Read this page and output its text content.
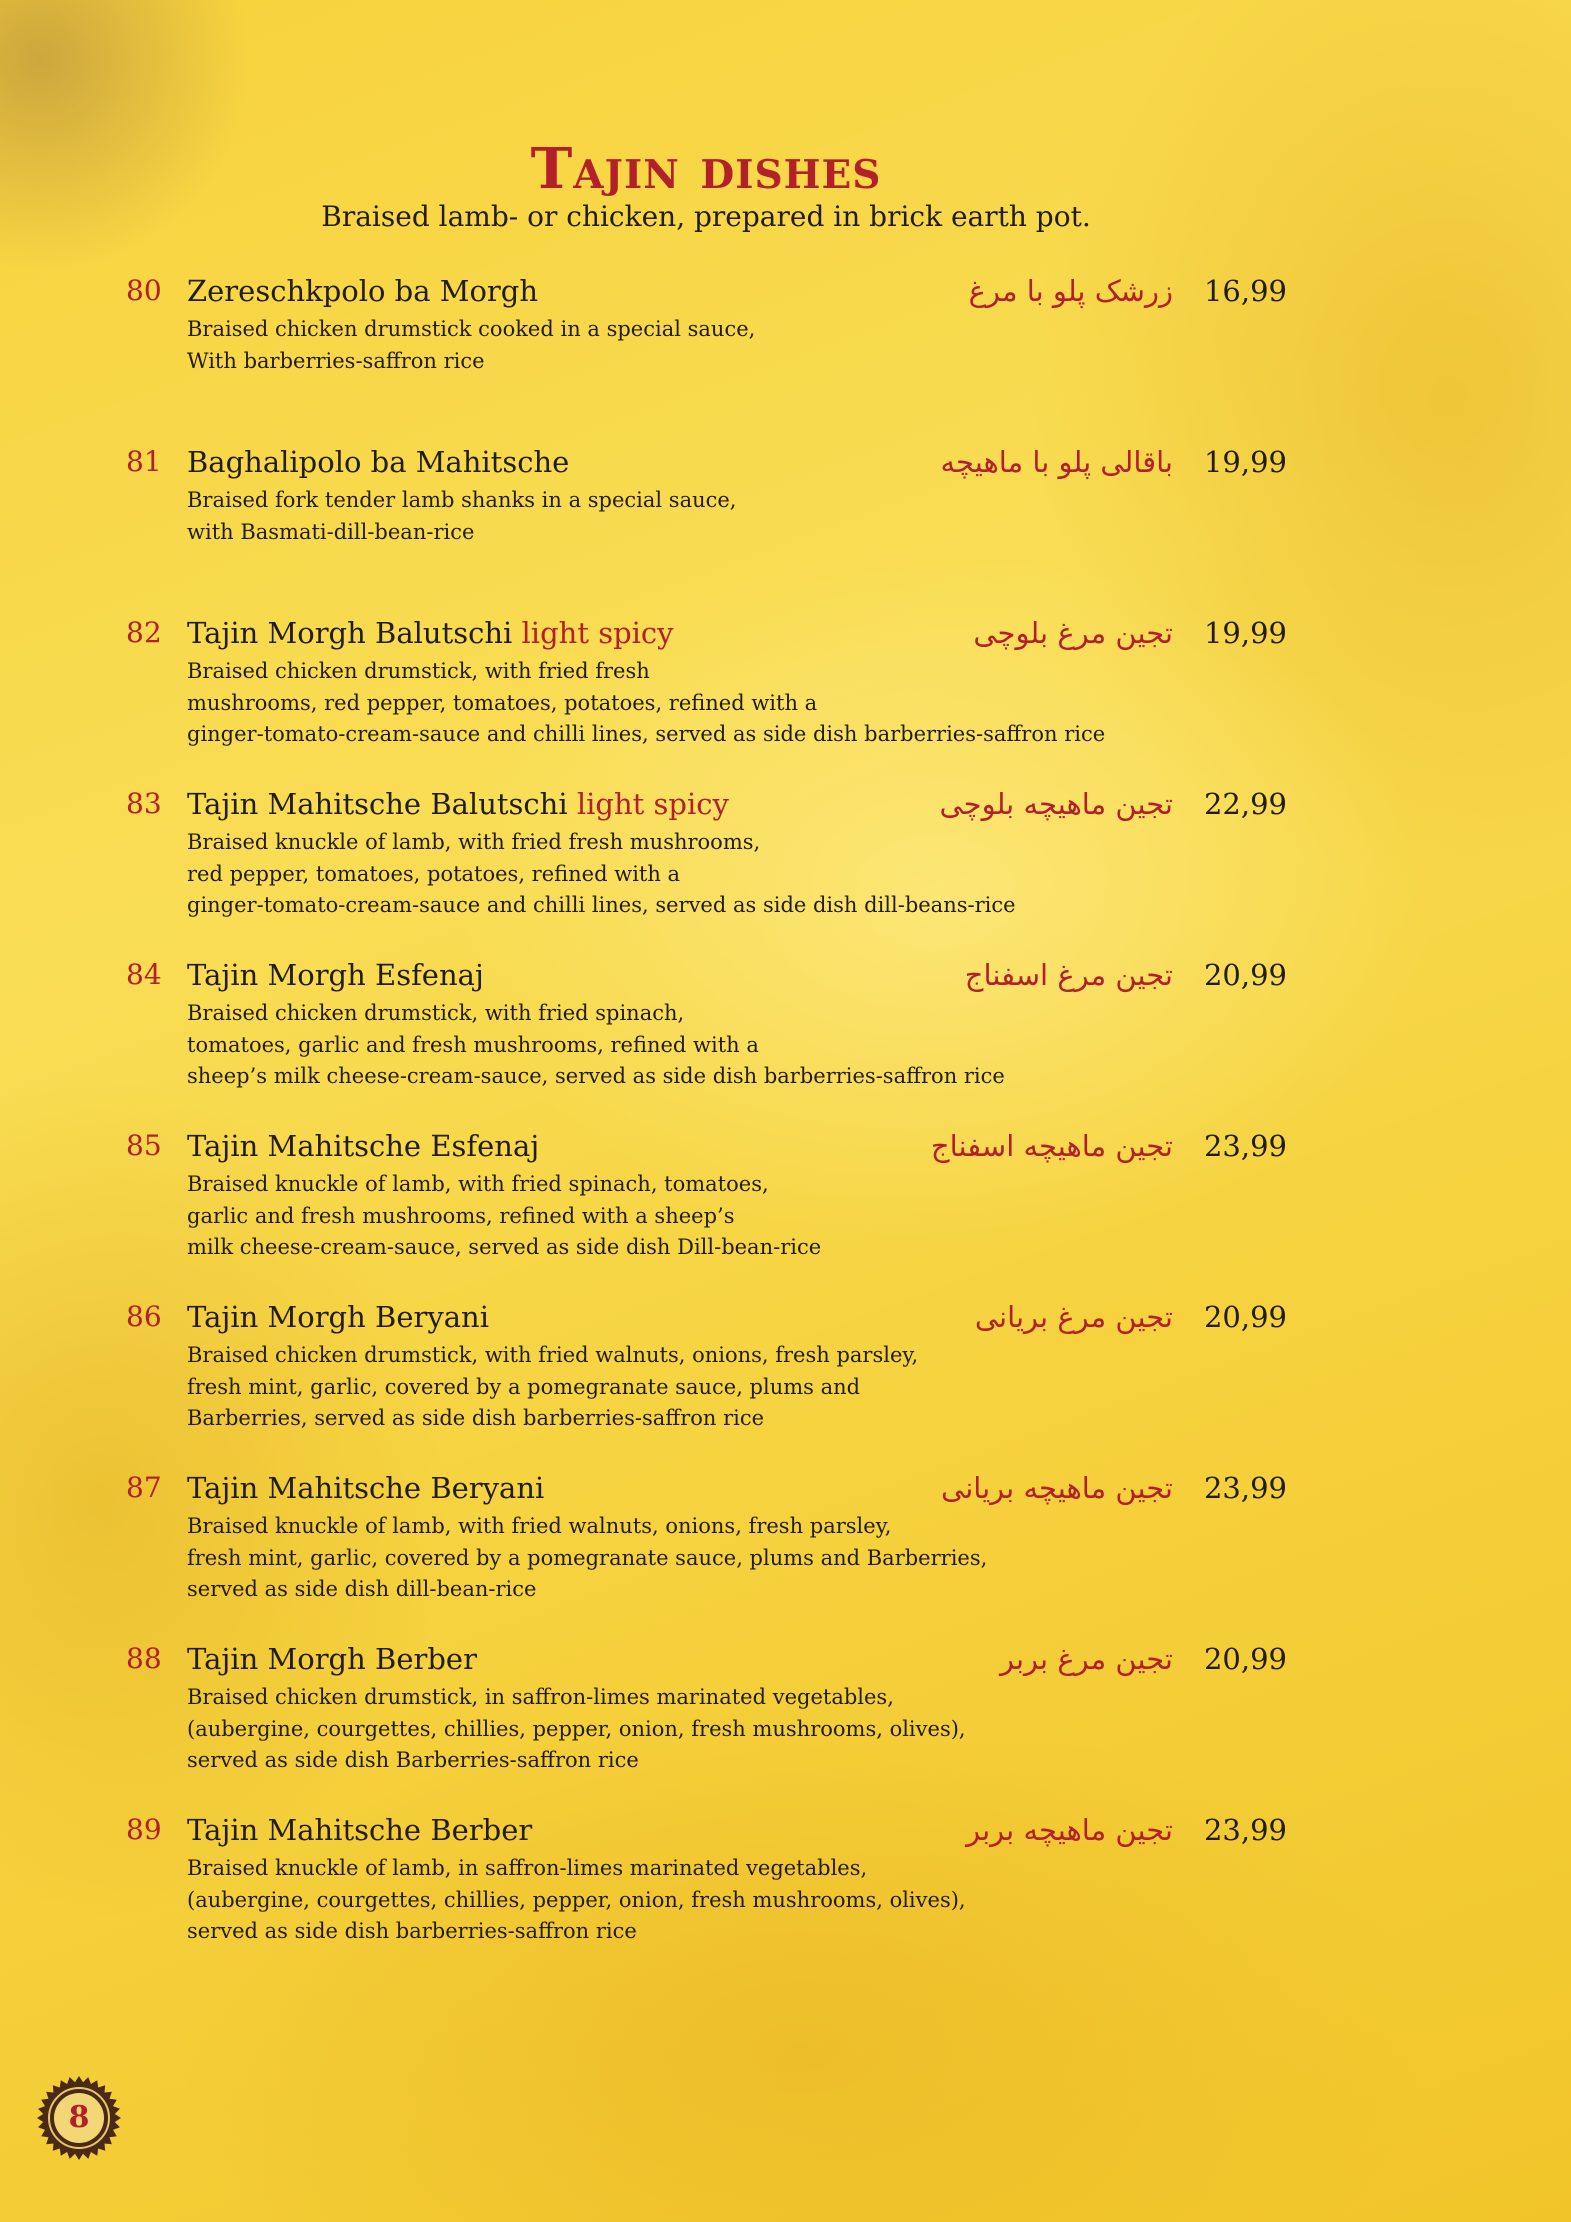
Tajin dishes
Braised lamb- or chicken, prepared in brick earth pot.
80 Zereschkpolo ba Morgh	زرشک پلو با مرغ 16,99
Braised chicken drumstick cooked in a special sauce,
With barberries-saffron rice
81 Baghalipolo ba Mahitsche	باقالی پلو با ماهیچه 19,99
Braised fork tender lamb shanks in a special sauce,
with Basmati-dill-bean-rice
82 Tajin Morgh Balutschi light spicy	تجین مرغ بلوچی 19,99
Braised chicken drumstick, with fried fresh
mushrooms, red pepper, tomatoes, potatoes, refined with a
ginger-tomato-cream-sauce and chilli lines, served as side dish barberries-saffron rice
83 Tajin Mahitsche Balutschi light spicy	تجین ماهیچه بلوچی 22,99
Braised knuckle of lamb, with fried fresh mushrooms,
red pepper, tomatoes, potatoes, refined with a
ginger-tomato-cream-sauce and chilli lines, served as side dish dill-beans-rice
84 Tajin Morgh Esfenaj	تجین مرغ اسفناج 20,99
Braised chicken drumstick, with fried spinach,
tomatoes, garlic and fresh mushrooms, refined with a
sheep’s milk cheese-cream-sauce, served as side dish barberries-saffron rice
85 Tajin Mahitsche Esfenaj	تجین ماهیچه اسفناج 23,99
Braised knuckle of lamb, with fried spinach, tomatoes,
garlic and fresh mushrooms, refined with a sheep’s
milk cheese-cream-sauce, served as side dish Dill-bean-rice
86 Tajin Morgh Beryani	تجین مرغ بریانی 20,99
Braised chicken drumstick, with fried walnuts, onions, fresh parsley,
fresh mint, garlic, covered by a pomegranate sauce, plums and
Barberries, served as side dish barberries-saffron rice
87 Tajin Mahitsche Beryani	تجین ماهیچه بریانی 23,99
Braised knuckle of lamb, with fried walnuts, onions, fresh parsley,
fresh mint, garlic, covered by a pomegranate sauce, plums and Barberries,
served as side dish dill-bean-rice
88 Tajin Morgh Berber	تجین مرغ بربر 20,99
Braised chicken drumstick, in saffron-limes marinated vegetables,
(aubergine, courgettes, chillies, pepper, onion, fresh mushrooms, olives),
served as side dish Barberries-saffron rice
89 Tajin Mahitsche Berber	تجین ماهیچه بربر 23,99
Braised knuckle of lamb, in saffron-limes marinated vegetables,
(aubergine, courgettes, chillies, pepper, onion, fresh mushrooms, olives),
served as side dish barberries-saffron rice
8
